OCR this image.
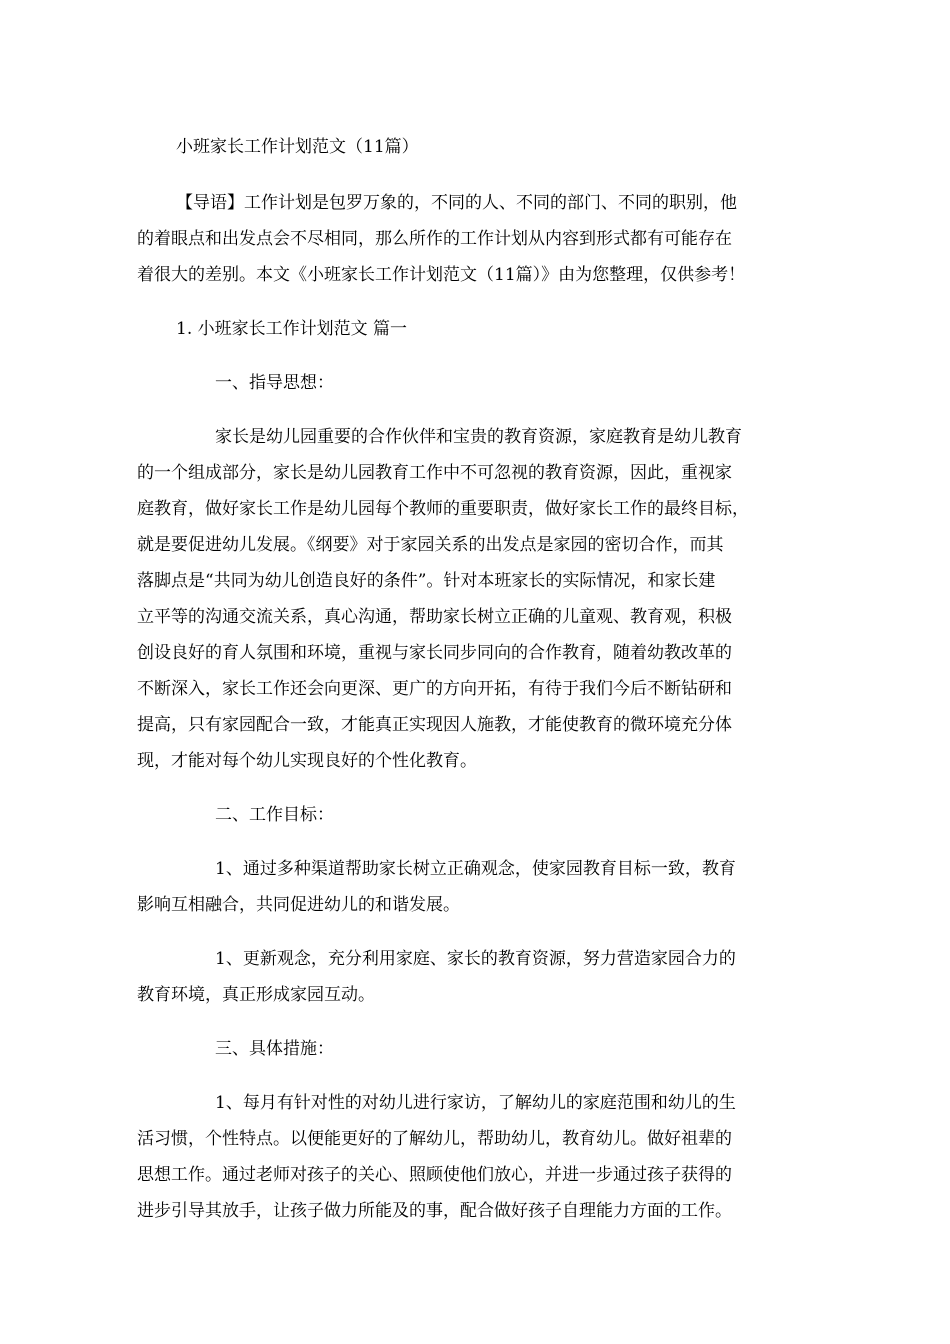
小班家长工作计划范文（11篇）

【导语】工作计划是包罗万象的，不同的人、不同的部门、不同的职别，他

的着眼点和出发点会不尽相同，那么所作的工作计划从内容到形式都有可能存在

着很大的差别。本文《小班家长工作计划范文（11篇）》由为您整理，仅供参考！

1. 小班家长工作计划范文 篇一

一、指导思想：

家长是幼儿园重要的合作伙伴和宝贵的教育资源，家庭教育是幼儿教育

的一个组成部分，家长是幼儿园教育工作中不可忽视的教育资源，因此，重视家

庭教育，做好家长工作是幼儿园每个教师的重要职责，做好家长工作的最终目标，

就是要促进幼儿发展。《纲要》对于家园关系的出发点是家园的密切合作，而其

落脚点是“共同为幼儿创造良好的条件”。针对本班家长的实际情况，和家长建

立平等的沟通交流关系，真心沟通，帮助家长树立正确的儿童观、教育观，积极

创设良好的育人氛围和环境，重视与家长同步同向的合作教育，随着幼教改革的

不断深入，家长工作还会向更深、更广的方向开拓，有待于我们今后不断钻研和

提高，只有家园配合一致，才能真正实现因人施教，才能使教育的微环境充分体

现，才能对每个幼儿实现良好的个性化教育。

二、工作目标：

1、通过多种渠道帮助家长树立正确观念，使家园教育目标一致，教育

影响互相融合，共同促进幼儿的和谐发展。

1、更新观念，充分利用家庭、家长的教育资源，努力营造家园合力的

教育环境，真正形成家园互动。

三、具体措施：

1、每月有针对性的对幼儿进行家访，了解幼儿的家庭范围和幼儿的生

活习惯，个性特点。以便能更好的了解幼儿，帮助幼儿，教育幼儿。做好祖辈的

思想工作。通过老师对孩子的关心、照顾使他们放心，并进一步通过孩子获得的

进步引导其放手，让孩子做力所能及的事，配合做好孩子自理能力方面的工作。
